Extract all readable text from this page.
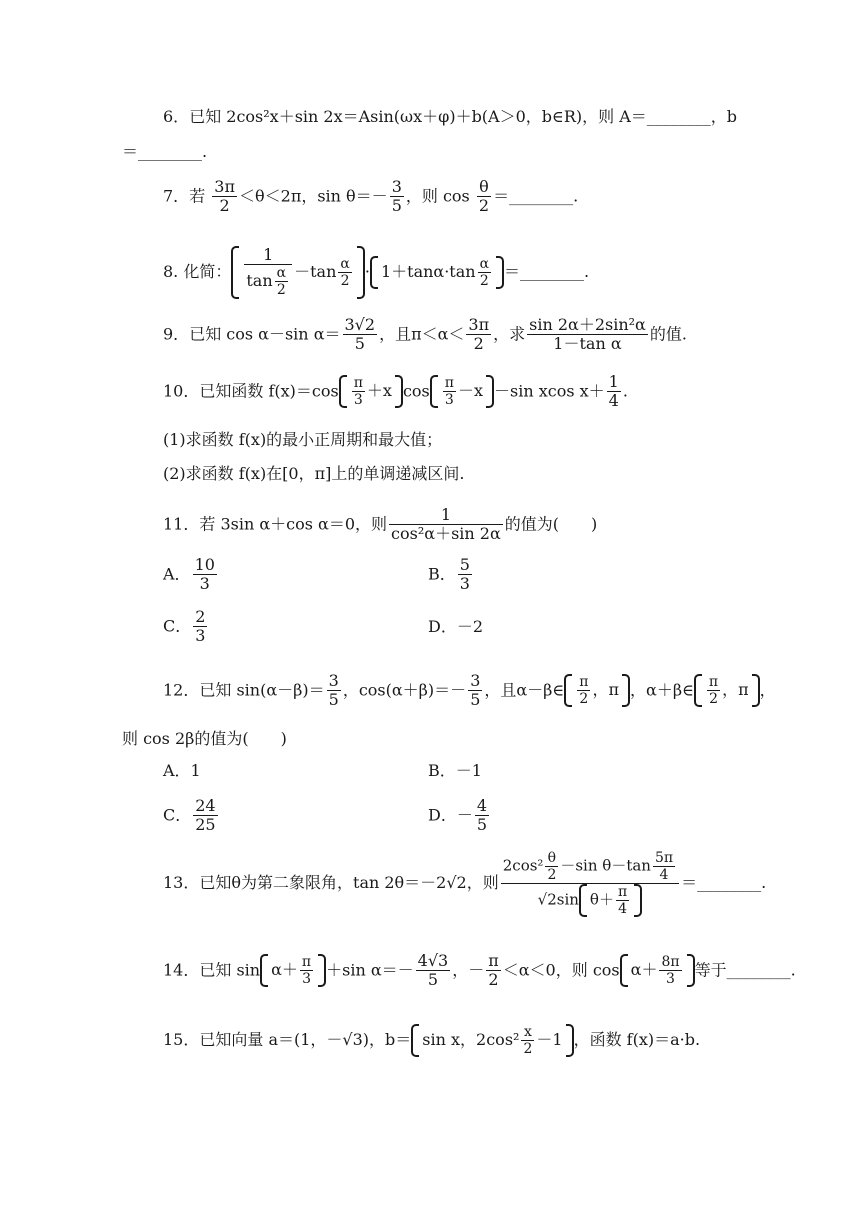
6．已知 2cos²x＋sin 2x＝Asin(ωx＋φ)＋b(A＞0，b∈R)，则 A＝________，b
＝________.
7．若 $\frac{3\pi}{2} <\theta<2\pi$，$\sin \theta=- \frac{3}{5}$ ，则 $\cos \frac{\theta}{2}$ ＝________.
8. 化简： $\frac{1}{\tan \frac{\alpha}{2}} -\tan \frac{\alpha}{2} \cdot 1+\tan\alpha\cdot\tan \frac{\alpha}{2}$ ＝________.
9．已知 cos α－sin $\alpha= \frac{3√2}{5}$ ，且$\pi<\alpha< \frac{3\pi}{2}$ ，求 $\frac{\text{sin 2α＋2sin²α}}{\text{1－tan α}}$ 的值.
10．已知函数 $f(x)=\cos \frac{\pi}{3} +x$ $\cos \frac{\pi}{3} -x -\sin$ xcos $x+ \frac{1}{4}$ .
(1)求函数 f(x)的最小正周期和最大值；
(2)求函数 f(x)在[0，π]上的单调递减区间.
11．若 3sin α＋cos α＝0，则 $\frac{1}{\text{cos²α＋sin 2α}}$ 的值为(　　)
A． $\frac{10}{3}$	B． $\frac{5}{3}$
C． $\frac{2}{3}$	D．－2
12．已知 $\sin(\alpha-\beta)= \frac{3}{5}$ ，$\cos(\alpha+\beta)=- \frac{3}{5}$ ，且α－β∈ $\frac{\pi}{2}$ ，π ，α＋β∈ $\frac{\pi}{2}$ ，π ，
则 cos 2β的值为(　　)
A．1	B．－1
C． $\frac{24}{25}$	D．－ $\frac{4}{5}$
13．已知θ为第二象限角，tan 2θ＝－2√2，则 $\frac{2\cos^2 \frac{\theta}{2} -\sin \theta-\tan \frac{5\pi}{4}}{√2\sin \theta+ \frac{\pi}{4}}$ ＝________.
14．已知 $\sin \alpha+ \frac{\pi}{3} +\sin$ $\alpha=- \frac{4√3}{5}$ ，－ $\frac{\pi}{2} <\alpha<0$，则 $\cos \alpha+ \frac{8\pi}{3}$ 等于________.
15．已知向量 a＝(1，－√3)，b＝ sin x，$2\cos^2 \frac{x}{2} -1$ ，函数 f(x)＝a·b.
